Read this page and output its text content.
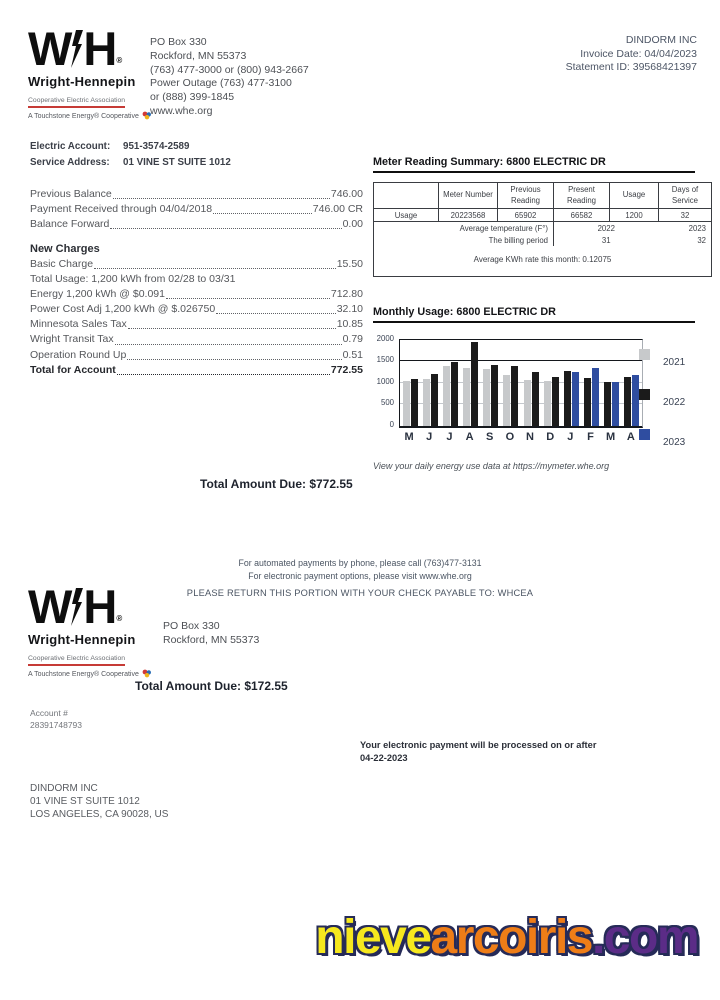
W H ®
Wright-Hennepin
Cooperative Electric Association
A Touchstone Energy® Cooperative
PO Box 330
Rockford, MN 55373
(763) 477-3000 or (800) 943-2667
Power Outage (763) 477-3100
or (888) 399-1845
www.whe.org
DINDORM INC
Invoice Date: 04/04/2023
Statement ID: 39568421397
Electric Account:	951-3574-2589
Service Address:	01 VINE ST SUITE 1012
Previous Balance	746.00
Payment Received through 04/04/2018	746.00 CR
Balance Forward	0.00
New Charges
Basic Charge	15.50
Total Usage: 1,200 kWh from 02/28 to 03/31
Energy 1,200 kWh @ $0.091	712.80
Power Cost Adj 1,200 kWh @ $.026750	32.10
Minnesota Sales Tax	10.85
Wright Transit Tax	0.79
Operation Round Up	0.51
Total for Account	772.55
Meter Reading Summary: 6800 ELECTRIC DR
	Meter Number	Previous Reading	Present Reading	Usage	Days of Service
Usage	20223568	65902	66582	1200	32
Average temperature (F°)			2022		2023
The billing period			31		32
Average KWh rate this month: 0.12075					
Monthly Usage: 6800 ELECTRIC DR
0
500
1000
1500
2000
M	J	J	A	S	O	N	D	J	F	M	A
2021
2022
2023
View your daily energy use data at https://mymeter.whe.org
Total Amount Due: $772.55
For automated payments by phone, please call (763)477-3131
For electronic payment options, please visit www.whe.org
PLEASE RETURN THIS PORTION WITH YOUR CHECK PAYABLE TO: WHCEA
W H ®
Wright-Hennepin
Cooperative Electric Association
A Touchstone Energy® Cooperative
PO Box 330
Rockford, MN 55373
Total Amount Due: $172.55
Account #
28391748793
Your electronic payment will be processed on or after
04-22-2023
DINDORM INC
01 VINE ST SUITE 1012
LOS ANGELES, CA 90028, US
nievearcoiris.com
